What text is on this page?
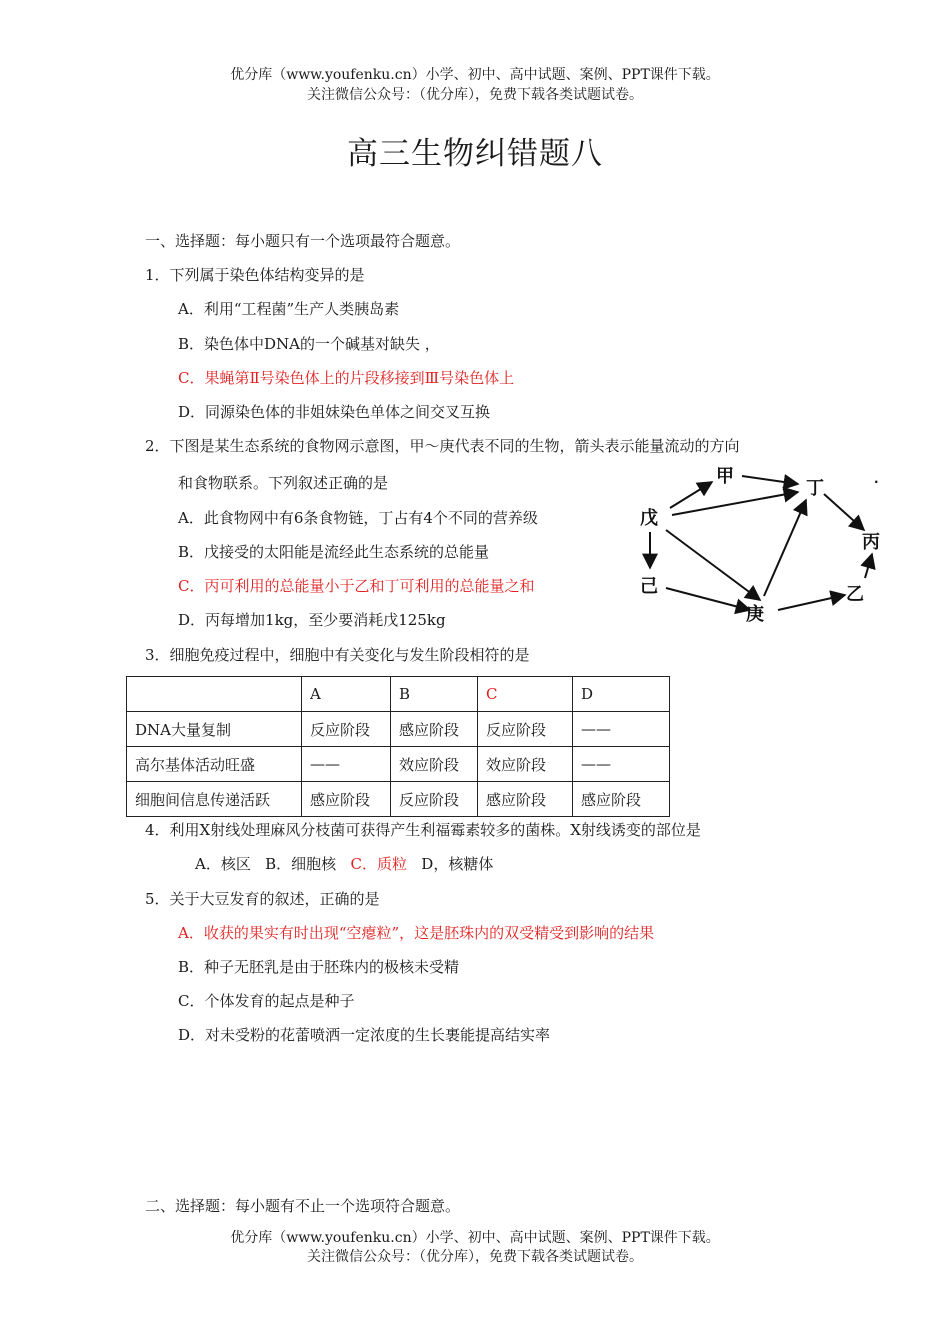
优分库（www.youfenku.cn）小学、初中、高中试题、案例、PPT课件下载。
关注微信公众号：（优分库），免费下载各类试题试卷。
高三生物纠错题八
一、选择题：每小题只有一个选项最符合题意。
1．下列属于染色体结构变异的是
A．利用“工程菌”生产人类胰岛素
B．染色体中DNA的一个碱基对缺失 ，
C．果蝇第Ⅱ号染色体上的片段移接到Ⅲ号染色体上
D．同源染色体的非姐妹染色单体之间交叉互换
2．下图是某生态系统的食物网示意图，甲～庚代表不同的生物，箭头表示能量流动的方向
和食物联系。下列叙述正确的是
A．此食物网中有6条食物链，丁占有4个不同的营养级
B．戊接受的太阳能是流经此生态系统的总能量
C．丙可利用的总能量小于乙和丁可利用的总能量之和
D．丙每增加1kg，至少要消耗戊125kg
甲
丁
戊
丙
己	乙
庚
·
3．细胞免疫过程中，细胞中有关变化与发生阶段相符的是
	A	B	C	D
DNA大量复制	反应阶段	感应阶段	反应阶段	——
高尔基体活动旺盛	——	效应阶段	效应阶段	——
细胞间信息传递活跃	感应阶段	反应阶段	感应阶段	感应阶段
4．利用X射线处理麻风分枝菌可获得产生利福霉素较多的菌株。X射线诱变的部位是
A．核区 B．细胞核 C．质粒 D，核糖体
5．关于大豆发育的叙述，正确的是
A．收获的果实有时出现“空瘪粒”，这是胚珠内的双受精受到影响的结果
B．种子无胚乳是由于胚珠内的极核未受精
C．个体发育的起点是种子
D．对未受粉的花蕾喷洒一定浓度的生长裹能提高结实率
二、选择题：每小题有不止一个选项符合题意。
优分库（www.youfenku.cn）小学、初中、高中试题、案例、PPT课件下载。
关注微信公众号：（优分库），免费下载各类试题试卷。
